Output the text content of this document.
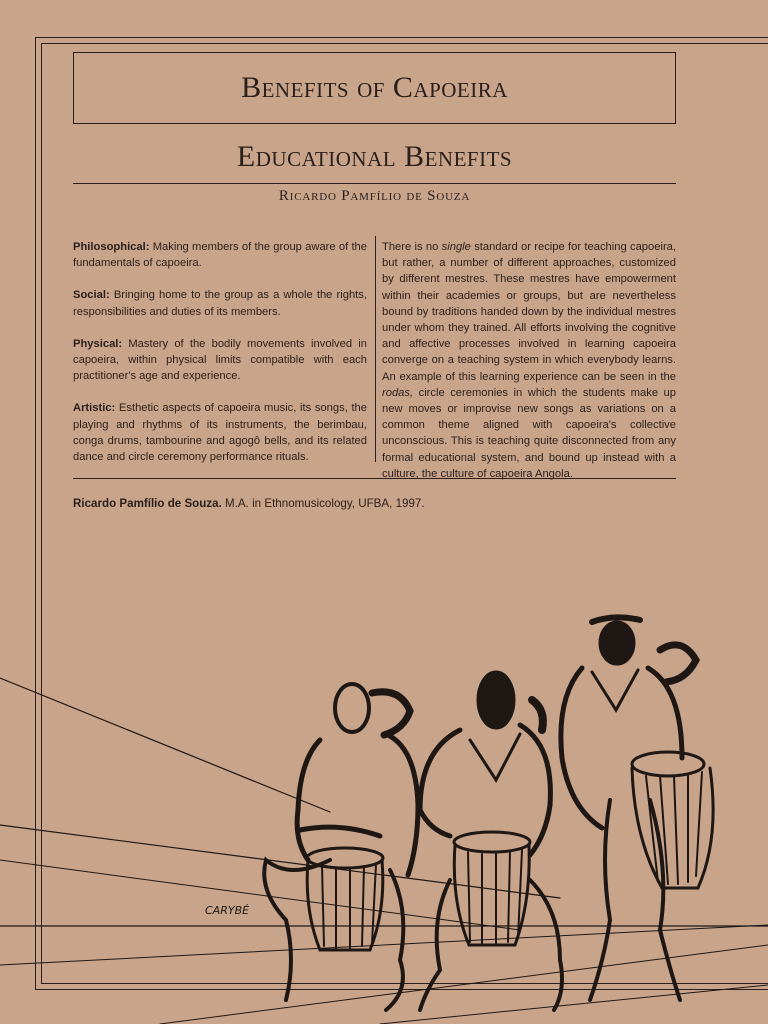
Benefits of Capoeira
Educational Benefits
Ricardo Pamfílio de Souza

Philosophical: Making members of the group aware of the fundamentals of capoeira.

Social: Bringing home to the group as a whole the rights, responsibilities and duties of its members.

Physical: Mastery of the bodily movements involved in capoeira, within physical limits compatible with each practitioner's age and experience.

Artistic: Esthetic aspects of capoeira music, its songs, the playing and rhythms of its instruments, the berimbau, conga drums, tambourine and agogô bells, and its related dance and circle ceremony performance rituals.

There is no single standard or recipe for teaching capoeira, but rather, a number of different approaches, customized by different mestres. These mestres have empowerment within their academies or groups, but are nevertheless bound by traditions handed down by the individual mestres under whom they trained. All efforts involving the cognitive and affective processes involved in learning capoeira converge on a teaching system in which everybody learns. An example of this learning experience can be seen in the rodas, circle ceremonies in which the students make up new moves or improvise new songs as variations on a common theme aligned with capoeira's collective unconscious. This is teaching quite disconnected from any formal educational system, and bound up instead with a culture, the culture of capoeira Angola.
Ricardo Pamfílio de Souza. M.A. in Ethnomusicology, UFBA, 1997.
CARYBÉ
